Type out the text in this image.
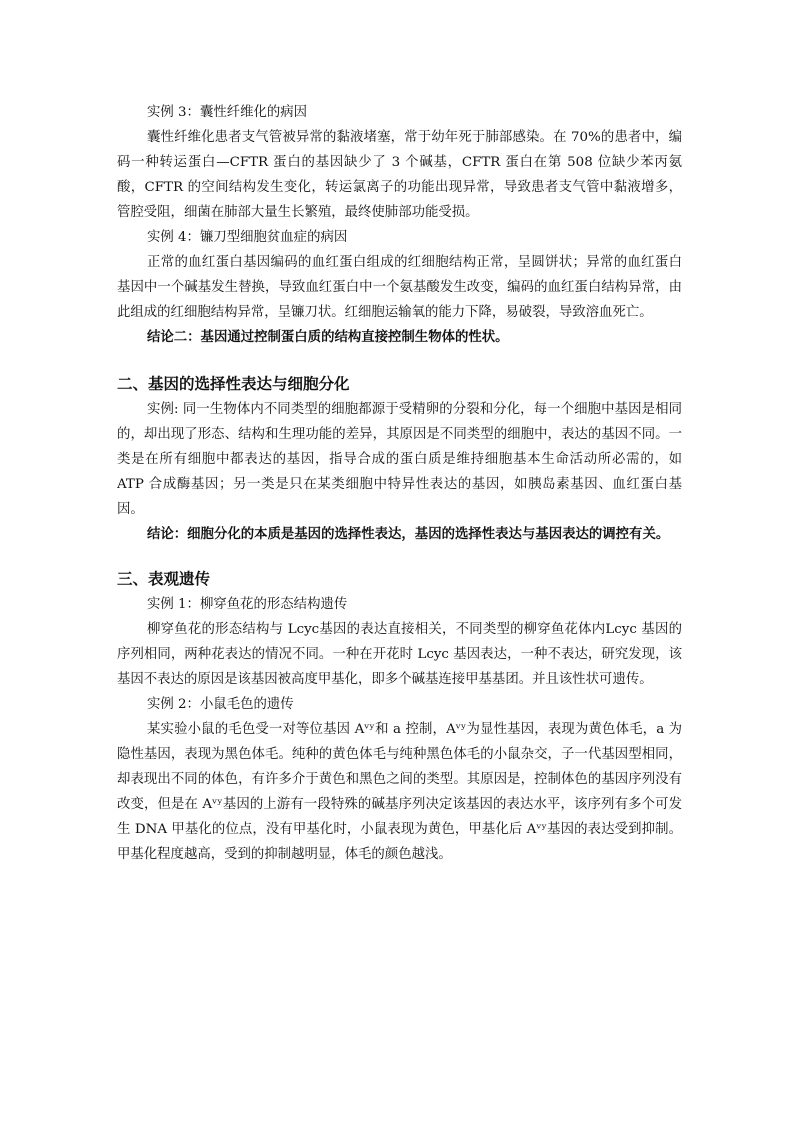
实例 3：囊性纤维化的病因

囊性纤维化患者支气管被异常的黏液堵塞，常于幼年死于肺部感染。在 70%的患者中，编码一种转运蛋白—CFTR 蛋白的基因缺少了 3 个碱基，CFTR 蛋白在第 508 位缺少苯丙氨酸，CFTR 的空间结构发生变化，转运氯离子的功能出现异常，导致患者支气管中黏液增多，管腔受阻，细菌在肺部大量生长繁殖，最终使肺部功能受损。

实例 4：镰刀型细胞贫血症的病因

正常的血红蛋白基因编码的血红蛋白组成的红细胞结构正常，呈圆饼状；异常的血红蛋白基因中一个碱基发生替换，导致血红蛋白中一个氨基酸发生改变，编码的血红蛋白结构异常，由此组成的红细胞结构异常，呈镰刀状。红细胞运输氧的能力下降，易破裂，导致溶血死亡。

结论二：基因通过控制蛋白质的结构直接控制生物体的性状。

二、基因的选择性表达与细胞分化

实例: 同一生物体内不同类型的细胞都源于受精卵的分裂和分化，每一个细胞中基因是相同的，却出现了形态、结构和生理功能的差异，其原因是不同类型的细胞中，表达的基因不同。一类是在所有细胞中都表达的基因，指导合成的蛋白质是维持细胞基本生命活动所必需的，如 ATP 合成酶基因；另一类是只在某类细胞中特异性表达的基因，如胰岛素基因、血红蛋白基因。

结论：细胞分化的本质是基因的选择性表达，基因的选择性表达与基因表达的调控有关。

三、表观遗传

实例 1：柳穿鱼花的形态结构遗传

柳穿鱼花的形态结构与 Lcyc基因的表达直接相关，不同类型的柳穿鱼花体内Lcyc 基因的序列相同，两种花表达的情况不同。一种在开花时 Lcyc 基因表达，一种不表达，研究发现，该基因不表达的原因是该基因被高度甲基化，即多个碱基连接甲基基团。并且该性状可遗传。

实例 2：小鼠毛色的遗传

某实验小鼠的毛色受一对等位基因 Aᵛʸ和 a 控制，Aᵛʸ为显性基因，表现为黄色体毛，a 为隐性基因，表现为黑色体毛。纯种的黄色体毛与纯种黑色体毛的小鼠杂交，子一代基因型相同，却表现出不同的体色，有许多介于黄色和黑色之间的类型。其原因是，控制体色的基因序列没有改变，但是在 Aᵛʸ基因的上游有一段特殊的碱基序列决定该基因的表达水平，该序列有多个可发生 DNA 甲基化的位点，没有甲基化时，小鼠表现为黄色，甲基化后 Aᵛʸ基因的表达受到抑制。甲基化程度越高，受到的抑制越明显，体毛的颜色越浅。
